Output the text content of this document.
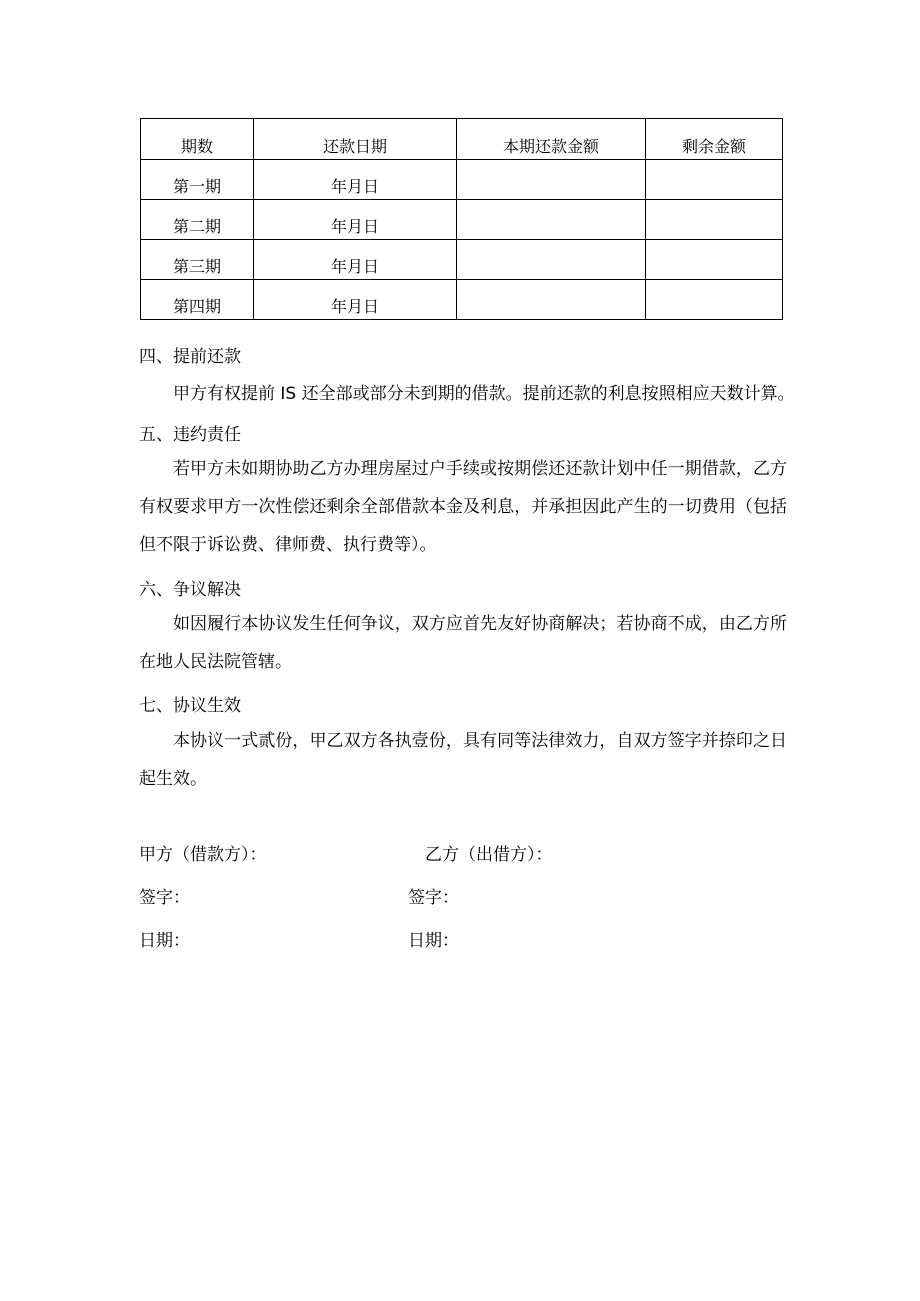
期数	还款日期	本期还款金额	剩余金额
第一期	年月日		
第二期	年月日		
第三期	年月日		
第四期	年月日		
四、提前还款
甲方有权提前 IS 还全部或部分未到期的借款。提前还款的利息按照相应天数计算。
五、违约责任
若甲方未如期协助乙方办理房屋过户手续或按期偿还还款计划中任一期借款，乙方有权要求甲方一次性偿还剩余全部借款本金及利息，并承担因此产生的一切费用（包括但不限于诉讼费、律师费、执行费等）。
六、争议解决
如因履行本协议发生任何争议，双方应首先友好协商解决；若协商不成，由乙方所在地人民法院管辖。
七、协议生效
本协议一式贰份，甲乙双方各执壹份，具有同等法律效力，自双方签字并捺印之日起生效。
甲方（借款方）：	乙方（出借方）：
签字：	签字：
日期：	日期：
